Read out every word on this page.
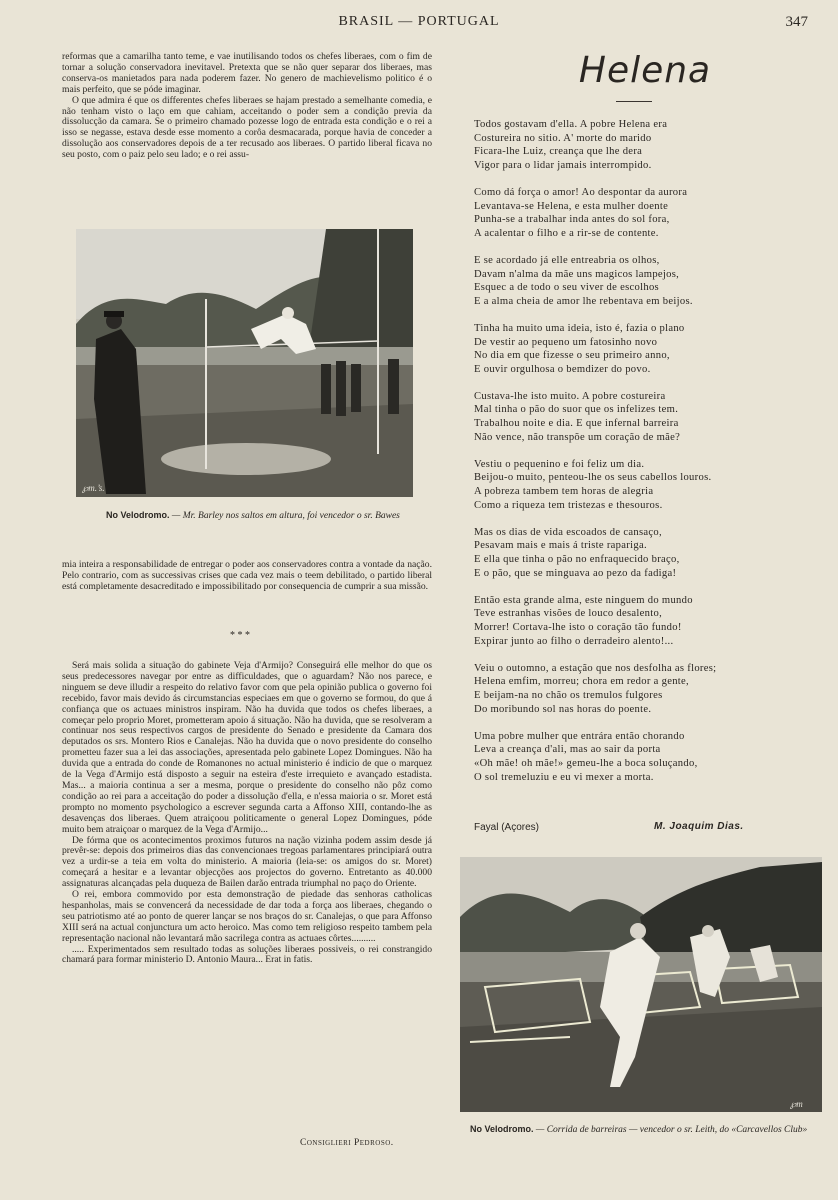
BRASIL — PORTUGAL	347

reformas que a camarilha tanto teme, e vae inutilisando todos os chefes liberaes, com o fim de tornar a solução conservadora inevitavel. Pretexta que se não quer separar dos liberaes, mas conserva-os manietados para nada poderem fazer. No genero de machievelismo politico é o mais perfeito, que se póde imaginar.

O que admira é que os differentes chefes liberaes se hajam prestado a semelhante comedia, e não tenham visto o laço em que cahiam, acceitando o poder sem a condição previa da dissolucção da camara. Se o primeiro chamado pozesse logo de entrada esta condição e o rei a isso se negasse, estava desde esse momento a corôa desmacarada, porque havia de conceder a dissolução aos conservadores depois de a ter recusado aos liberaes. O partido liberal ficava no seu posto, com o paiz pelo seu lado; e o rei assu-

℘m.’s.
No Velodromo. — Mr. Barley nos saltos em altura, foi vencedor o sr. Bawes

mia inteira a responsabilidade de entregar o poder aos conservadores contra a vontade da nação. Pelo contrario, com as successivas crises que cada vez mais o teem debilitado, o partido liberal está completamente desacreditado e impossibilitado por consequencia de cumprir a sua missão.

* * *

Será mais solida a situação do gabinete Veja d'Armijo? Conseguirá elle melhor do que os seus predecessores navegar por entre as difficuldades, que o aguardam? Não nos parece, e ninguem se deve illudir a respeito do relativo favor com que pela opinião publica o governo foi recebido, favor mais devido ás circumstancias especiaes em que o governo se formou, do que á confiança que os actuaes ministros inspiram. Não ha duvida que todos os chefes liberaes, a começar pelo proprio Moret, prometteram apoio á situação. Não ha duvida, que se resolveram a continuar nos seus respectivos cargos de presidente do Senado e presidente da Camara dos deputados os srs. Montero Rios e Canalejas. Não ha duvida que o novo presidente do conselho prometteu fazer sua a lei das associações, apresentada pelo gabinete Lopez Domingues. Não ha duvida que a entrada do conde de Romanones no actual ministerio é indicio de que o marquez de la Vega d'Armijo está disposto a seguir na esteira d'este irrequieto e avançado estadista. Mas... a maioria continua a ser a mesma, porque o presidente do conselho não pôz como condição ao rei para a acceitação do poder a dissolução d'ella, e n'essa maioria o sr. Moret está prompto no momento psychologico a escrever segunda carta a Affonso XIII, contando-lhe as desavenças dos liberaes. Quem atraiçoou politicamente o general Lopez Domingues, póde muito bem atraiçoar o marquez de la Vega d'Armijo...

De fórma que os acontecimentos proximos futuros na nação vizinha podem assim desde já prevêr-se: depois dos primeiros dias das convencionaes tregoas parlamentares principiará outra vez a urdir-se a teia em volta do ministerio. A maioria (leia-se: os amigos do sr. Moret) começará a hesitar e a levantar objecções aos projectos do governo. Entretanto as 40.000 assignaturas alcançadas pela duqueza de Bailen darão entrada triumphal no paço do Oriente.

O rei, embora commovido por esta demonstração de piedade das senhoras catholicas hespanholas, mais se convencerá da necessidade de dar toda a força aos liberaes, chegando o seu patriotismo até ao ponto de querer lançar se nos braços do sr. Canalejas, o que para Affonso XIII será na actual conjunctura um acto heroico. Mas como tem religioso respeito tambem pela representação nacional não levantará mão sacrilega contra as actuaes côrtes..........

..... Experimentados sem resultado todas as soluções liberaes possiveis, o rei constrangido chamará para formar ministerio D. Antonio Maura... Erat in fatis.

Consiglieri Pedroso.
Helena
Todos gostavam d'ella. A pobre Helena era
Costureira no sitio. A' morte do marido
Ficara-lhe Luiz, creança que lhe dera
Vigor para o lidar jamais interrompido.
Como dá força o amor! Ao despontar da aurora
Levantava-se Helena, e esta mulher doente
Punha-se a trabalhar inda antes do sol fora,
A acalentar o filho e a rir-se de contente.
E se acordado já elle entreabria os olhos,
Davam n'alma da mãe uns magicos lampejos,
Esquec a de todo o seu viver de escolhos
E a alma cheia de amor lhe rebentava em beijos.
Tinha ha muito uma ideia, isto é, fazia o plano
De vestir ao pequeno um fatosinho novo
No dia em que fizesse o seu primeiro anno,
E ouvir orgulhosa o bemdizer do povo.
Custava-lhe isto muito. A pobre costureira
Mal tinha o pão do suor que os infelizes tem.
Trabalhou noite e dia. E que infernal barreira
Não vence, não transpõe um coração de mãe?
Vestiu o pequenino e foi feliz um dia.
Beijou-o muito, penteou-lhe os seus cabellos louros.
A pobreza tambem tem horas de alegria
Como a riqueza tem tristezas e thesouros.
Mas os dias de vida escoados de cansaço,
Pesavam mais e mais á triste rapariga.
E ella que tinha o pão no enfraquecido braço,
E o pão, que se minguava ao pezo da fadiga!
Então esta grande alma, este ninguem do mundo
Teve estranhas visões de louco desalento,
Morrer! Cortava-lhe isto o coração tão fundo!
Expirar junto ao filho o derradeiro alento!...
Veiu o outomno, a estação que nos desfolha as flores;
Helena emfim, morreu; chora em redor a gente,
E beijam-na no chão os tremulos fulgores
Do moribundo sol nas horas do poente.
Uma pobre mulher que entrára então chorando
Leva a creança d'ali, mas ao sair da porta
«Oh mãe! oh mãe!» gemeu-lhe a boca soluçando,
O sol tremeluziu e eu vi mexer a morta.
Fayal (Açores)	M. Joaquim Dias.
℘m
No Velodromo. — Corrida de barreiras — vencedor o sr. Leith, do «Carcavellos Club»
